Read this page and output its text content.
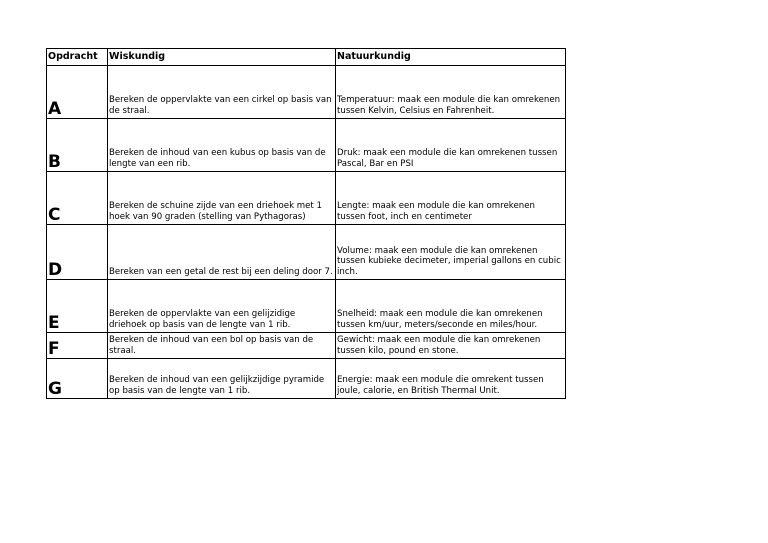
Opdracht	Wiskundig	Natuurkundig
A	Bereken de oppervlakte van een cirkel op basis van de straal.	Temperatuur: maak een module die kan omrekenen tussen Kelvin, Celsius en Fahrenheit.
B	Bereken de inhoud van een kubus op basis van de lengte van een rib.	Druk: maak een module die kan omrekenen tussen Pascal, Bar en PSI
C	Bereken de schuine zijde van een driehoek met 1 hoek van 90 graden (stelling van Pythagoras)	Lengte: maak een module die kan omrekenen tussen foot, inch en centimeter
D	Bereken van een getal de rest bij een deling door 7.	Volume: maak een module die kan omrekenen tussen kubieke decimeter, imperial gallons en cubic inch.
E	Bereken de oppervlakte van een gelijzidige driehoek op basis van de lengte van 1 rib.	Snelheid: maak een module die kan omrekenen tussen km/uur, meters/seconde en miles/hour.
F	Bereken de inhoud van een bol op basis van de straal.	Gewicht: maak een module die kan omrekenen tussen kilo, pound en stone.
G	Bereken de inhoud van een gelijkzijdige pyramide op basis van de lengte van 1 rib.	Energie: maak een module die omrekent tussen joule, calorie, en British Thermal Unit.
